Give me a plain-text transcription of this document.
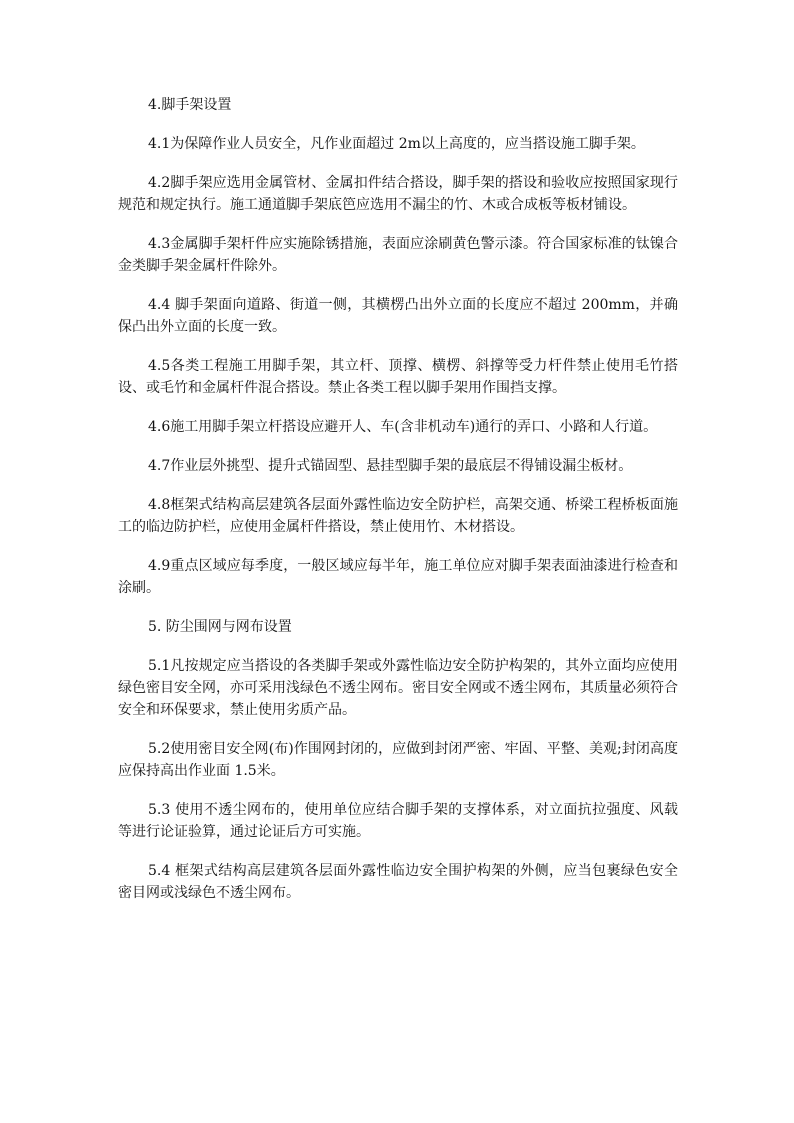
4.脚手架设置

4.1为保障作业人员安全，凡作业面超过 2m以上高度的，应当搭设施工脚手架。

4.2脚手架应选用金属管材、金属扣件结合搭设，脚手架的搭设和验收应按照国家现行规范和规定执行。施工通道脚手架底笆应选用不漏尘的竹、木或合成板等板材铺设。

4.3金属脚手架杆件应实施除锈措施，表面应涂刷黄色警示漆。符合国家标准的钛镍合金类脚手架金属杆件除外。

4.4 脚手架面向道路、街道一侧，其横楞凸出外立面的长度应不超过 200mm，并确保凸出外立面的长度一致。

4.5各类工程施工用脚手架，其立杆、顶撑、横楞、斜撑等受力杆件禁止使用毛竹搭设、或毛竹和金属杆件混合搭设。禁止各类工程以脚手架用作围挡支撑。

4.6施工用脚手架立杆搭设应避开人、车(含非机动车)通行的弄口、小路和人行道。

4.7作业层外挑型、提升式锚固型、悬挂型脚手架的最底层不得铺设漏尘板材。

4.8框架式结构高层建筑各层面外露性临边安全防护栏，高架交通、桥梁工程桥板面施工的临边防护栏，应使用金属杆件搭设，禁止使用竹、木材搭设。

4.9重点区域应每季度，一般区域应每半年，施工单位应对脚手架表面油漆进行检查和涂刷。

5. 防尘围网与网布设置

5.1凡按规定应当搭设的各类脚手架或外露性临边安全防护构架的，其外立面均应使用绿色密目安全网，亦可采用浅绿色不透尘网布。密目安全网或不透尘网布，其质量必须符合安全和环保要求，禁止使用劣质产品。

5.2使用密目安全网(布)作围网封闭的，应做到封闭严密、牢固、平整、美观;封闭高度应保持高出作业面 1.5米。

5.3 使用不透尘网布的，使用单位应结合脚手架的支撑体系，对立面抗拉强度、风载等进行论证验算，通过论证后方可实施。

5.4 框架式结构高层建筑各层面外露性临边安全围护构架的外侧，应当包裹绿色安全密目网或浅绿色不透尘网布。
